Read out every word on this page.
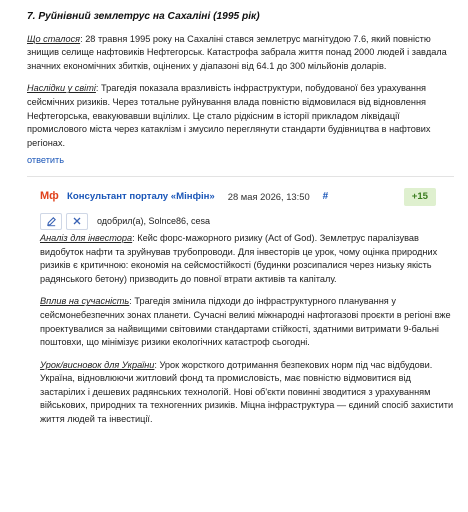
7. Руйнівний землетрус на Сахаліні (1995 рік)

Що сталося: 28 травня 1995 року на Сахаліні стався землетрус магнітудою 7.6, який повністю знищив селище нафтовиків Нефтегорськ. Катастрофа забрала життя понад 2000 людей і завдала значних економічних збитків, оцінених у діапазоні від 64.1 до 300 мільйонів доларів.

Наслідки у світі: Трагедія показала вразливість інфраструктури, побудованої без урахування сейсмічних ризиків. Через тотальне руйнування влада повністю відмовилася від відновлення Нефтегорська, евакуювавши вцілілих. Це стало рідкісним в історії прикладом ліквідації промислового міста через катаклізм і змусило переглянути стандарти будівництва в нафтових регіонах.

ответить
Мф Консультант порталу «Мінфін» 28 мая 2026, 13:50 #	+15
одобрил(а), Solnce86, cesa

Аналіз для інвестора: Кейс форс-мажорного ризику (Act of God). Землетрус паралізував видобуток нафти та зруйнував трубопроводи. Для інвесторів це урок, чому оцінка природних ризиків є критичною: економія на сейсмостійкості (будинки розсипалися через низьку якість радянського бетону) призводить до повної втрати активів та капіталу.

Вплив на сучасність: Трагедія змінила підходи до інфраструктурного планування у сейсмонебезпечних зонах планети. Сучасні великі міжнародні нафтогазові проєкти в регіоні вже проектувалися за найвищими світовими стандартами стійкості, здатними витримати 9-бальні поштовхи, що мінімізує ризики екологічних катастроф сьогодні.

Урок/висновок для України: Урок жорсткого дотримання безпекових норм під час відбудови. Україна, відновлюючи житловий фонд та промисловість, має повністю відмовитися від застарілих і дешевих радянських технологій. Нові об'єкти повинні зводитися з урахуванням військових, природних та техногенних ризиків. Міцна інфраструктура — єдиний спосіб захистити життя людей та інвестиції.
